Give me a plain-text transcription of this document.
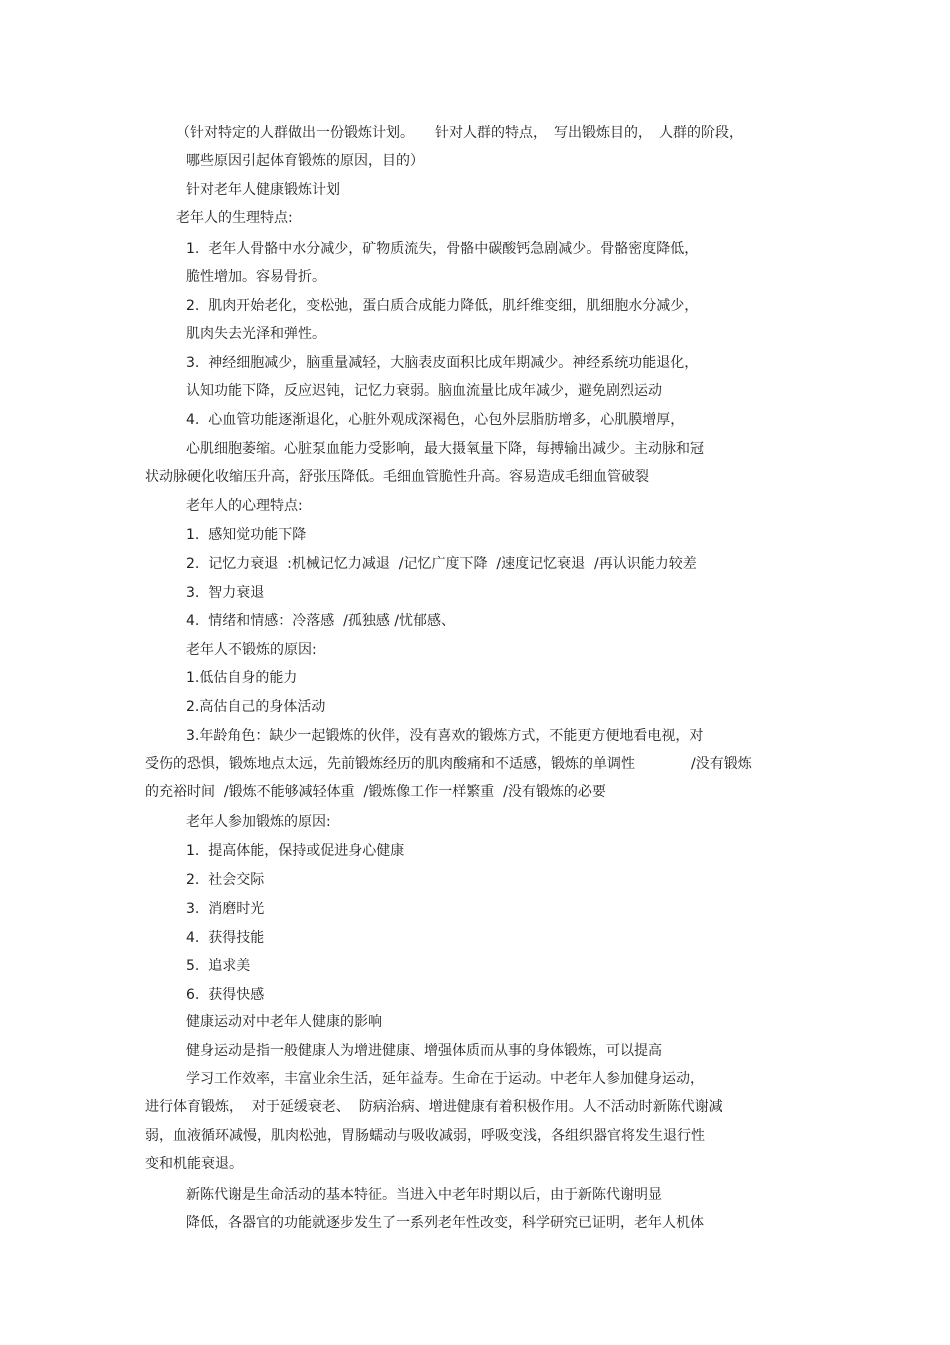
（针对特定的人群做出一份锻炼计划。　　针对人群的特点，　写出锻炼目的，　人群的阶段，

哪些原因引起体育锻炼的原因，目的）

针对老年人健康锻炼计划

老年人的生理特点:

1.  老年人骨骼中水分减少，矿物质流失，骨骼中碳酸钙急剧减少。骨骼密度降低，

脆性增加。容易骨折。

2.  肌肉开始老化，变松弛，蛋白质合成能力降低，肌纤维变细，肌细胞水分减少，

肌肉失去光泽和弹性。

3.  神经细胞减少，脑重量减轻，大脑表皮面积比成年期减少。神经系统功能退化，

认知功能下降，反应迟钝，记忆力衰弱。脑血流量比成年减少，避免剧烈运动

4.  心血管功能逐渐退化，心脏外观成深褐色，心包外层脂肪增多，心肌膜增厚，

心肌细胞萎缩。心脏泵血能力受影响，最大摄氧量下降，每搏输出减少。主动脉和冠

状动脉硬化收缩压升高，舒张压降低。毛细血管脆性升高。容易造成毛细血管破裂

老年人的心理特点:

1.  感知觉功能下降

2.  记忆力衰退  :机械记忆力减退  /记忆广度下降  /速度记忆衰退  /再认识能力较差

3.  智力衰退

4.  情绪和情感：冷落感  /孤独感 /忧郁感、

老年人不锻炼的原因:

1.低估自身的能力

2.高估自己的身体活动

3.年龄角色：缺少一起锻炼的伙伴，没有喜欢的锻炼方式，不能更方便地看电视，对

受伤的恐惧，锻炼地点太远，先前锻炼经历的肌肉酸痛和不适感，锻炼的单调性　　　　/没有锻炼

的充裕时间  /锻炼不能够减轻体重  /锻炼像工作一样繁重  /没有锻炼的必要

老年人参加锻炼的原因:

1.  提高体能，保持或促进身心健康

2.  社会交际

3.  消磨时光

4.  获得技能

5.  追求美

6.  获得快感

健康运动对中老年人健康的影响

健身运动是指一般健康人为增进健康、增强体质而从事的身体锻炼，可以提高

学习工作效率，丰富业余生活，延年益寿。生命在于运动。中老年人参加健身运动，

进行体育锻炼，  对于延缓衰老、  防病治病、增进健康有着积极作用。人不活动时新陈代谢减

弱，血液循环减慢，肌肉松弛，胃肠蠕动与吸收减弱，呼吸变浅，各组织器官将发生退行性

变和机能衰退。

新陈代谢是生命活动的基本特征。当进入中老年时期以后，由于新陈代谢明显

降低，各器官的功能就逐步发生了一系列老年性改变，科学研究已证明，老年人机体
